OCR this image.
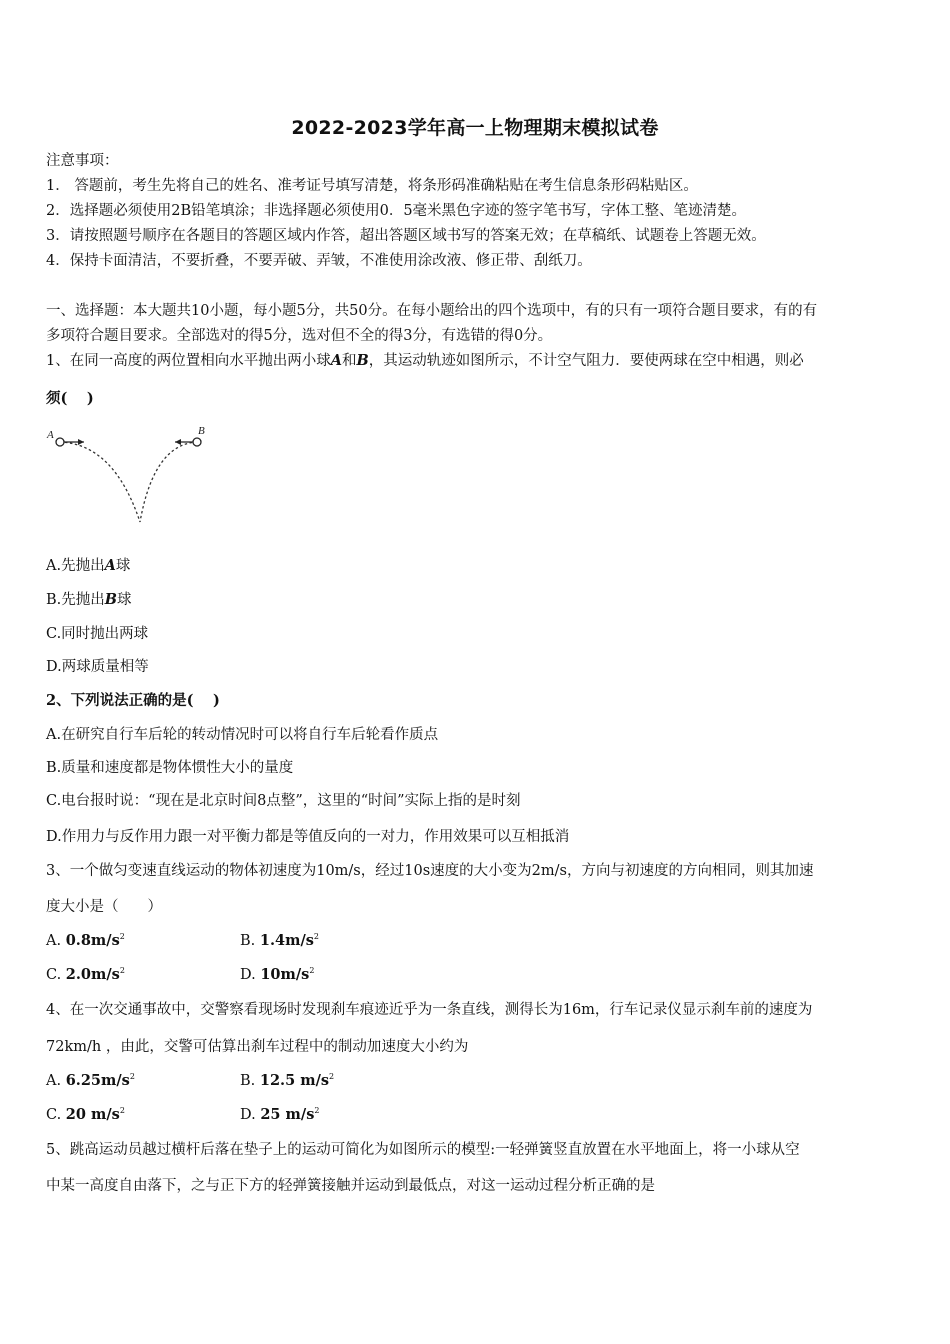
2022-2023学年高一上物理期末模拟试卷
注意事项：
1． 答题前，考生先将自己的姓名、准考证号填写清楚，将条形码准确粘贴在考生信息条形码粘贴区。
2．选择题必须使用2B铅笔填涂；非选择题必须使用0．5毫米黑色字迹的签字笔书写，字体工整、笔迹清楚。
3．请按照题号顺序在各题目的答题区域内作答，超出答题区域书写的答案无效；在草稿纸、试题卷上答题无效。
4．保持卡面清洁，不要折叠，不要弄破、弄皱，不准使用涂改液、修正带、刮纸刀。
一、选择题：本大题共10小题，每小题5分，共50分。在每小题给出的四个选项中，有的只有一项符合题目要求，有的有
多项符合题目要求。全部选对的得5分，选对但不全的得3分，有选错的得0分。
1、在同一高度的两位置相向水平抛出两小球A和B，其运动轨迹如图所示，不计空气阻力．要使两球在空中相遇，则必
须(　 )
A	B
A.先抛出A球
B.先抛出B球
C.同时抛出两球
D.两球质量相等
2、下列说法正确的是(　 )
A.在研究自行车后轮的转动情况时可以将自行车后轮看作质点
B.质量和速度都是物体惯性大小的量度
C.电台报时说：“现在是北京时间8点整”，这里的“时间”实际上指的是时刻
D.作用力与反作用力跟一对平衡力都是等值反向的一对力，作用效果可以互相抵消
3、一个做匀变速直线运动的物体初速度为10m/s，经过10s速度的大小变为2m/s，方向与初速度的方向相同，则其加速
度大小是（　　）
A. $0.8m/s^2$	B. $1.4m/s^2$
C. $2.0m/s^2$	D. $10m/s^2$
4、在一次交通事故中，交警察看现场时发现刹车痕迹近乎为一条直线，测得长为16m，行车记录仪显示刹车前的速度为
72km/h ，由此，交警可估算出刹车过程中的制动加速度大小约为
A. $6.25m/s^2$	B. 12.5 $m/s^2$
C. 20 $m/s^2$	D. 25 $m/s^2$
5、跳高运动员越过横杆后落在垫子上的运动可简化为如图所示的模型:一轻弹簧竖直放置在水平地面上，将一小球从空
中某一高度自由落下，之与正下方的轻弹簧接触并运动到最低点，对这一运动过程分析正确的是
